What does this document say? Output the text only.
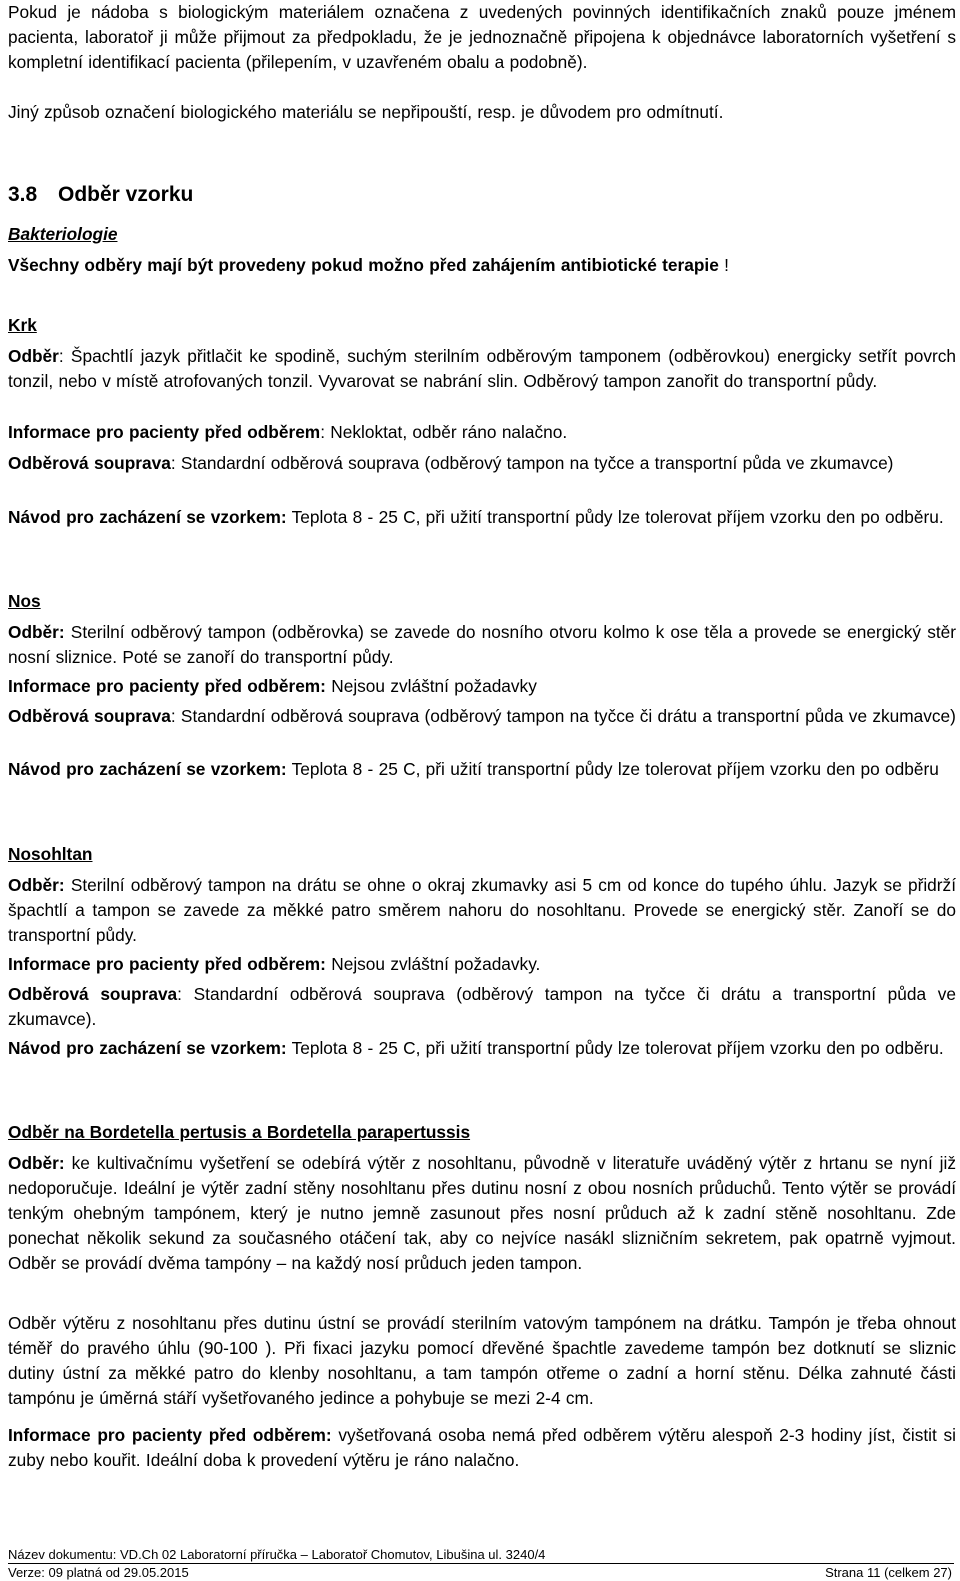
Pokud je nádoba s biologickým materiálem označena z uvedených povinných identifikačních znaků pouze jménem pacienta, laboratoř ji může přijmout za předpokladu, že je jednoznačně připojena k objednávce laboratorních vyšetření s kompletní identifikací pacienta (přilepením, v uzavřeném obalu a podobně).

Jiný způsob označení biologického materiálu se nepřipouští, resp. je důvodem pro odmítnutí.

3.8 Odběr vzorku

Bakteriologie

Všechny odběry mají být provedeny pokud možno před zahájením antibiotické terapie !

Krk

Odběr: Špachtlí jazyk přitlačit ke spodině, suchým sterilním odběrovým tamponem (odběrovkou) energicky setřít povrch tonzil, nebo v místě atrofovaných tonzil. Vyvarovat se nabrání slin. Odběrový tampon zanořit do transportní půdy.

Informace pro pacienty před odběrem: Nekloktat, odběr ráno nalačno.

Odběrová souprava: Standardní odběrová souprava (odběrový tampon na tyčce a transportní půda ve zkumavce)

Návod pro zacházení se vzorkem: Teplota 8 - 25 C, při užití transportní půdy lze tolerovat příjem vzorku den po odběru.

Nos

Odběr: Sterilní odběrový tampon (odběrovka) se zavede do nosního otvoru kolmo k ose těla a provede se energický stěr nosní sliznice. Poté se zanoří do transportní půdy.

Informace pro pacienty před odběrem: Nejsou zvláštní požadavky

Odběrová souprava: Standardní odběrová souprava (odběrový tampon na tyčce či drátu a transportní půda ve zkumavce)

Návod pro zacházení se vzorkem: Teplota 8 - 25 C, při užití transportní půdy lze tolerovat příjem vzorku den po odběru

Nosohltan

Odběr: Sterilní odběrový tampon na drátu se ohne o okraj zkumavky asi 5 cm od konce do tupého úhlu. Jazyk se přidrží špachtlí a tampon se zavede za měkké patro směrem nahoru do nosohltanu. Provede se energický stěr. Zanoří se do transportní půdy.

Informace pro pacienty před odběrem: Nejsou zvláštní požadavky.

Odběrová souprava: Standardní odběrová souprava (odběrový tampon na tyčce či drátu a transportní půda ve zkumavce).

Návod pro zacházení se vzorkem: Teplota 8 - 25 C, při užití transportní půdy lze tolerovat příjem vzorku den po odběru.

Odběr na Bordetella pertusis a Bordetella parapertussis

Odběr: ke kultivačnímu vyšetření se odebírá výtěr z nosohltanu, původně v literatuře uváděný výtěr z hrtanu se nyní již nedoporučuje. Ideální je výtěr zadní stěny nosohltanu přes dutinu nosní z obou nosních průduchů. Tento výtěr se provádí tenkým ohebným tampónem, který je nutno jemně zasunout přes nosní průduch až k zadní stěně nosohltanu. Zde ponechat několik sekund za současného otáčení tak, aby co nejvíce nasákl slizničním sekretem, pak opatrně vyjmout. Odběr se provádí dvěma tampóny – na každý nosí průduch jeden tampon.

Odběr výtěru z nosohltanu přes dutinu ústní se provádí sterilním vatovým tampónem na drátku. Tampón je třeba ohnout téměř do pravého úhlu (90-100 ). Při fixaci jazyku pomocí dřevěné špachtle zavedeme tampón bez dotknutí se sliznic dutiny ústní za měkké patro do klenby nosohltanu, a tam tampón otřeme o zadní a horní stěnu. Délka zahnuté části tampónu je úměrná stáří vyšetřovaného jedince a pohybuje se mezi 2-4 cm.

Informace pro pacienty před odběrem: vyšetřovaná osoba nemá před odběrem výtěru alespoň 2-3 hodiny jíst, čistit si zuby nebo kouřit. Ideální doba k provedení výtěru je ráno nalačno.

Název dokumentu: VD.Ch 02 Laboratorní příručka – Laboratoř Chomutov, Libušina ul. 3240/4
Verze: 09 platná od 29.05.2015	Strana 11 (celkem 27)
